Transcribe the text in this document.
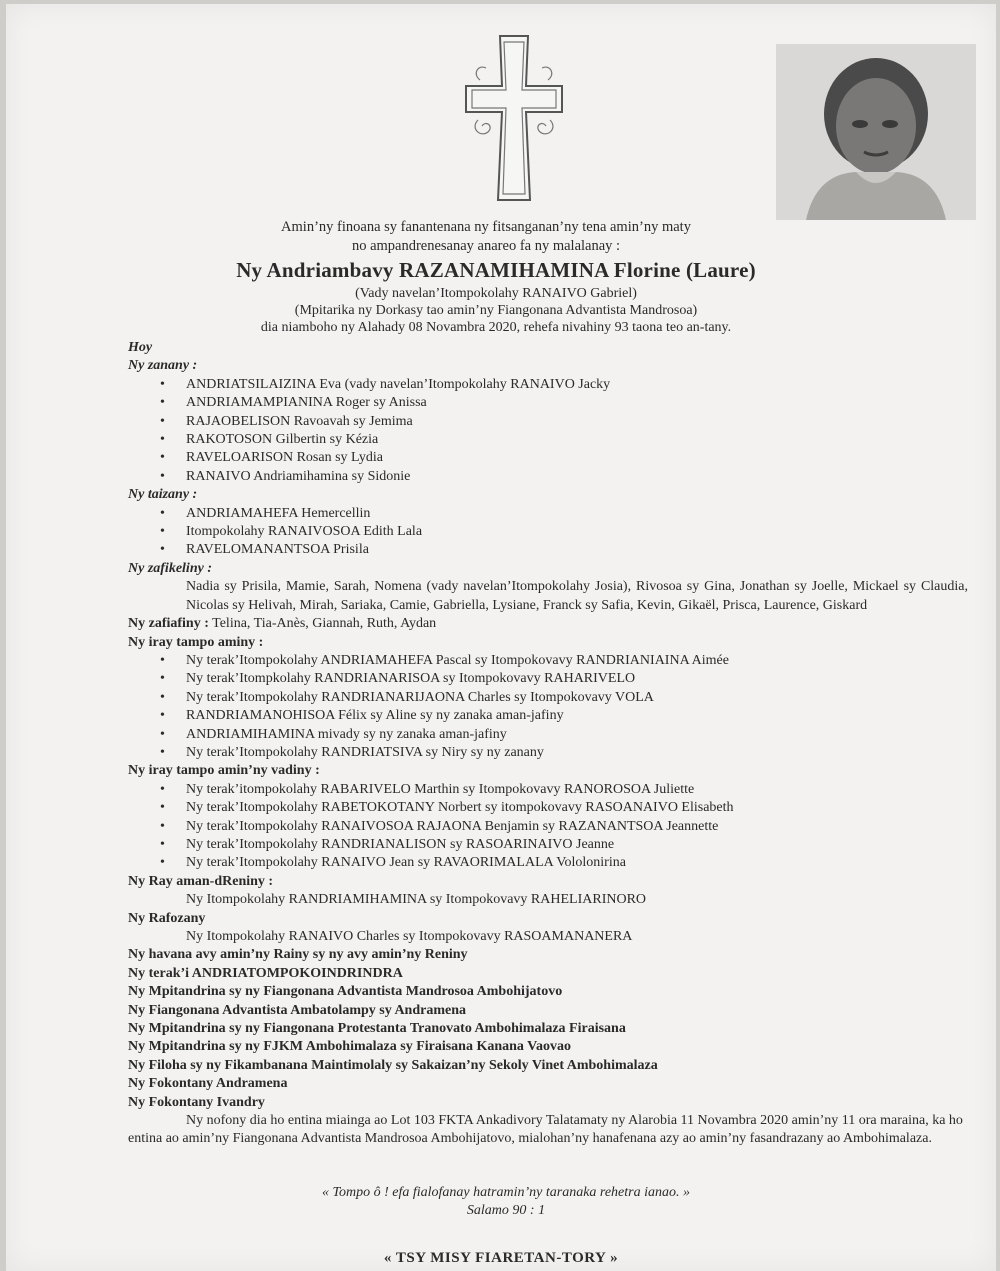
Amin’ny finoana sy fanantenana ny fitsanganan’ny tena amin’ny maty
no ampandrenesanay anareo fa ny malalanay :
Ny Andriambavy RAZANAMIHAMINA Florine (Laure)
(Vady navelan’Itompokolahy RANAIVO Gabriel)
(Mpitarika ny Dorkasy tao amin’ny Fiangonana Advantista Mandrosoa)
dia niamboho ny Alahady 08 Novambra 2020, rehefa nivahiny 93 taona teo an-tany.

Hoy

Ny zanany :

• ANDRIATSILAIZINA Eva (vady navelan’Itompokolahy RANAIVO Jacky
• ANDRIAMAMPIANINA Roger sy Anissa
• RAJAOBELISON Ravoavah sy Jemima
• RAKOTOSON Gilbertin sy Kézia
• RAVELOARISON Rosan sy Lydia
• RANAIVO Andriamihamina sy Sidonie

Ny taizany :

• ANDRIAMAHEFA Hemercellin
• Itompokolahy RANAIVOSOA Edith Lala
• RAVELOMANANTSOA Prisila

Ny zafikeliny :

Nadia sy Prisila, Mamie, Sarah, Nomena (vady navelan’Itompokolahy Josia), Rivosoa sy Gina, Jonathan sy Joelle, Mickael sy Claudia, Nicolas sy Helivah, Mirah, Sariaka, Camie, Gabriella, Lysiane, Franck sy Safia, Kevin, Gikaël, Prisca, Laurence, Giskard

Ny zafiafiny : Telina, Tia-Anès, Giannah, Ruth, Aydan

Ny iray tampo aminy :

• Ny terak’Itompokolahy ANDRIAMAHEFA Pascal sy Itompokovavy RANDRIANIAINA Aimée
• Ny terak’Itompkolahy RANDRIANARISOA sy Itompokovavy RAHARIVELO
• Ny terak’Itompokolahy RANDRIANARIJAONA Charles sy Itompokovavy VOLA
• RANDRIAMANOHISOA Félix sy Aline sy ny zanaka aman-jafiny
• ANDRIAMIHAMINA mivady sy ny zanaka aman-jafiny
• Ny terak’Itompokolahy RANDRIATSIVA sy Niry sy ny zanany

Ny iray tampo amin’ny vadiny :

• Ny terak’itompokolahy RABARIVELO Marthin sy Itompokovavy RANOROSOA Juliette
• Ny terak’Itompokolahy RABETOKOTANY Norbert sy itompokovavy RASOANAIVO Elisabeth
• Ny terak’Itompokolahy RANAIVOSOA RAJAONA Benjamin sy RAZANANTSOA Jeannette
• Ny terak’Itompokolahy RANDRIANALISON sy RASOARINAIVO Jeanne
• Ny terak’Itompokolahy RANAIVO Jean sy RAVAORIMALALA Vololonirina

Ny Ray aman-dReniny :

Ny Itompokolahy RANDRIAMIHAMINA sy Itompokovavy RAHELIARINORO

Ny Rafozany

Ny Itompokolahy RANAIVO Charles sy Itompokovavy RASOAMANANERA

Ny havana avy amin’ny Rainy sy ny avy amin’ny Reniny

Ny terak’i ANDRIATOMPOKOINDRINDRA

Ny Mpitandrina sy ny Fiangonana Advantista Mandrosoa Ambohijatovo

Ny Fiangonana Advantista Ambatolampy sy Andramena

Ny Mpitandrina sy ny Fiangonana Protestanta Tranovato Ambohimalaza Firaisana

Ny Mpitandrina sy ny FJKM Ambohimalaza sy Firaisana Kanana Vaovao

Ny Filoha sy ny Fikambanana Maintimolaly sy Sakaizan’ny Sekoly Vinet Ambohimalaza

Ny Fokontany Andramena

Ny Fokontany Ivandry

Ny nofony dia ho entina miainga ao Lot 103 FKTA Ankadivory Talatamaty ny Alarobia 11 Novambra 2020 amin’ny 11 ora maraina, ka ho entina ao amin’ny Fiangonana Advantista Mandrosoa Ambohijatovo, mialohan’ny hanafenana azy ao amin’ny fasandrazany ao Ambohimalaza.

« Tompo ô ! efa fialofanay hatramin’ny taranaka rehetra ianao. »
Salamo 90 : 1
« TSY MISY FIARETAN-TORY »
